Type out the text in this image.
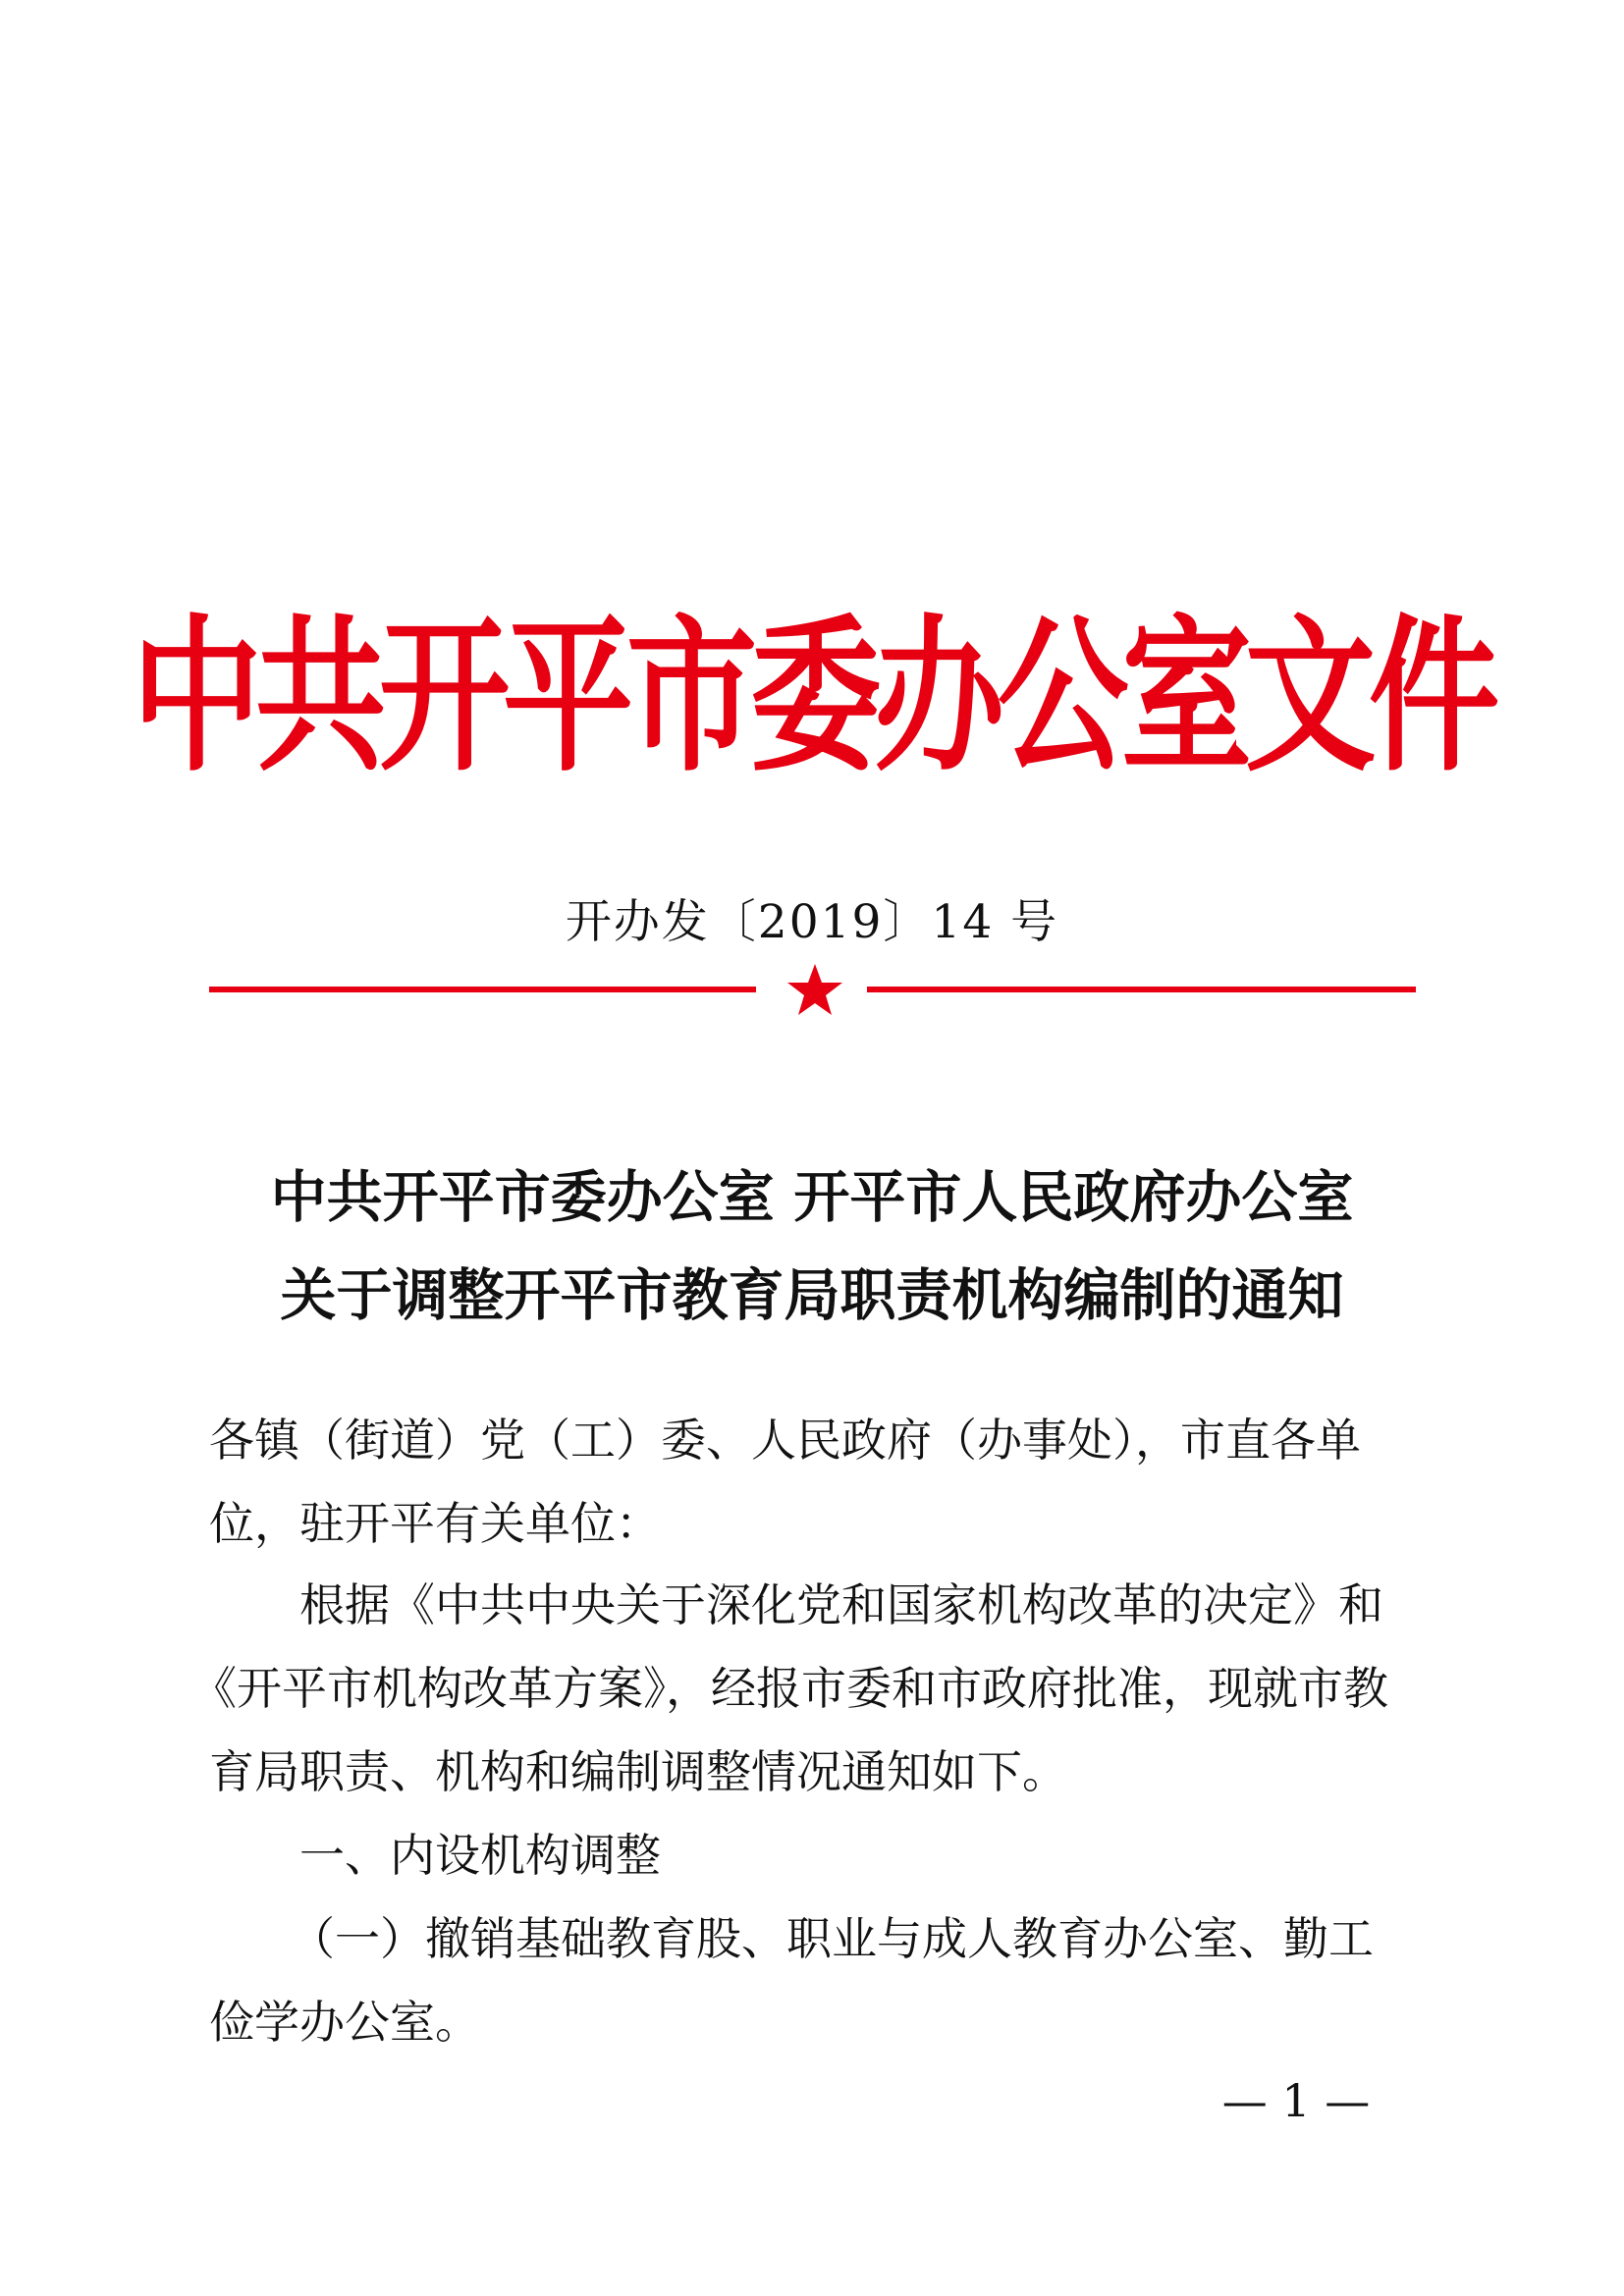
中共开平市委办公室文件
开办发〔2019〕14 号
中共开平市委办公室 开平市人民政府办公室
关于调整开平市教育局职责机构编制的通知
各镇（街道）党（工）委、人民政府（办事处），市直各单
位，驻开平有关单位：
根据《中共中央关于深化党和国家机构改革的决定》和
《开平市机构改革方案》，经报市委和市政府批准，现就市教
育局职责、机构和编制调整情况通知如下。
一、内设机构调整
（一）撤销基础教育股、职业与成人教育办公室、勤工
俭学办公室。
— 1 —
